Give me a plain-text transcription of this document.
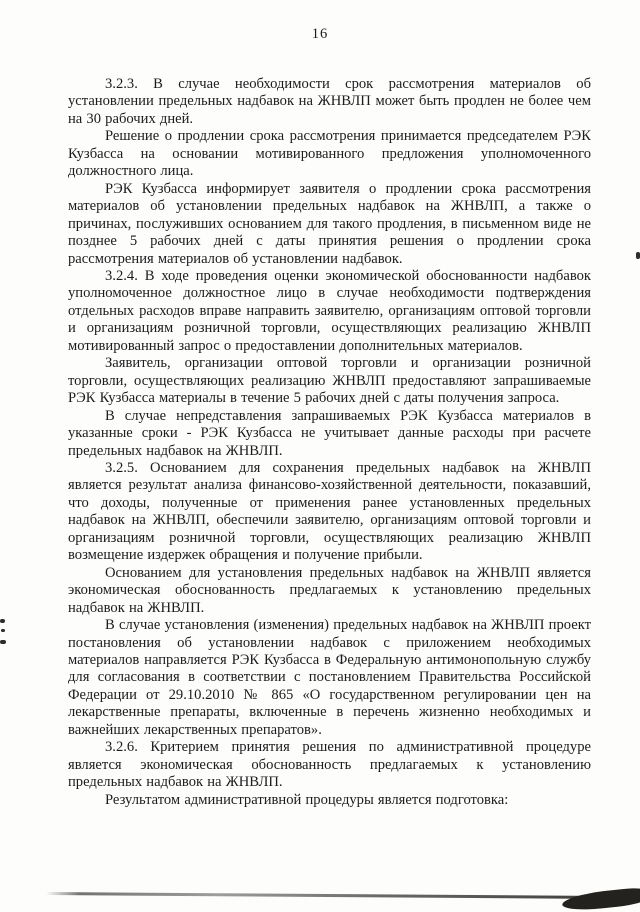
16

3.2.3. В случае необходимости срок рассмотрения материалов об установлении предельных надбавок на ЖНВЛП может быть продлен не более чем на 30 рабочих дней.

Решение о продлении срока рассмотрения принимается председателем РЭК Кузбасса на основании мотивированного предложения уполномоченного должностного лица.

РЭК Кузбасса информирует заявителя о продлении срока рассмотрения материалов об установлении предельных надбавок на ЖНВЛП, а также о причинах, послуживших основанием для такого продления, в письменном виде не позднее 5 рабочих дней с даты принятия решения о продлении срока рассмотрения материалов об установлении надбавок.

3.2.4. В ходе проведения оценки экономической обоснованности надбавок уполномоченное должностное лицо в случае необходимости подтверждения отдельных расходов вправе направить заявителю, организациям оптовой торговли и организациям розничной торговли, осуществляющих реализацию ЖНВЛП мотивированный запрос о предоставлении дополнительных материалов.

Заявитель, организации оптовой торговли и организации розничной торговли, осуществляющих реализацию ЖНВЛП предоставляют запрашиваемые РЭК Кузбасса материалы в течение 5 рабочих дней с даты получения запроса.

В случае непредставления запрашиваемых РЭК Кузбасса материалов в указанные сроки - РЭК Кузбасса не учитывает данные расходы при расчете предельных надбавок на ЖНВЛП.

3.2.5. Основанием для сохранения предельных надбавок на ЖНВЛП является результат анализа финансово-хозяйственной деятельности, показавший, что доходы, полученные от применения ранее установленных предельных надбавок на ЖНВЛП, обеспечили заявителю, организациям оптовой торговли и организациям розничной торговли, осуществляющих реализацию ЖНВЛП возмещение издержек обращения и получение прибыли.

Основанием для установления предельных надбавок на ЖНВЛП является экономическая обоснованность предлагаемых к установлению предельных надбавок на ЖНВЛП.

В случае установления (изменения) предельных надбавок на ЖНВЛП проект постановления об установлении надбавок с приложением необходимых материалов направляется РЭК Кузбасса в Федеральную антимонопольную службу для согласования в соответствии с постановлением Правительства Российской Федерации от 29.10.2010 № 865 «О государственном регулировании цен на лекарственные препараты, включенные в перечень жизненно необходимых и важнейших лекарственных препаратов».

3.2.6. Критерием принятия решения по административной процедуре является экономическая обоснованность предлагаемых к установлению предельных надбавок на ЖНВЛП.

Результатом административной процедуры является подготовка:
